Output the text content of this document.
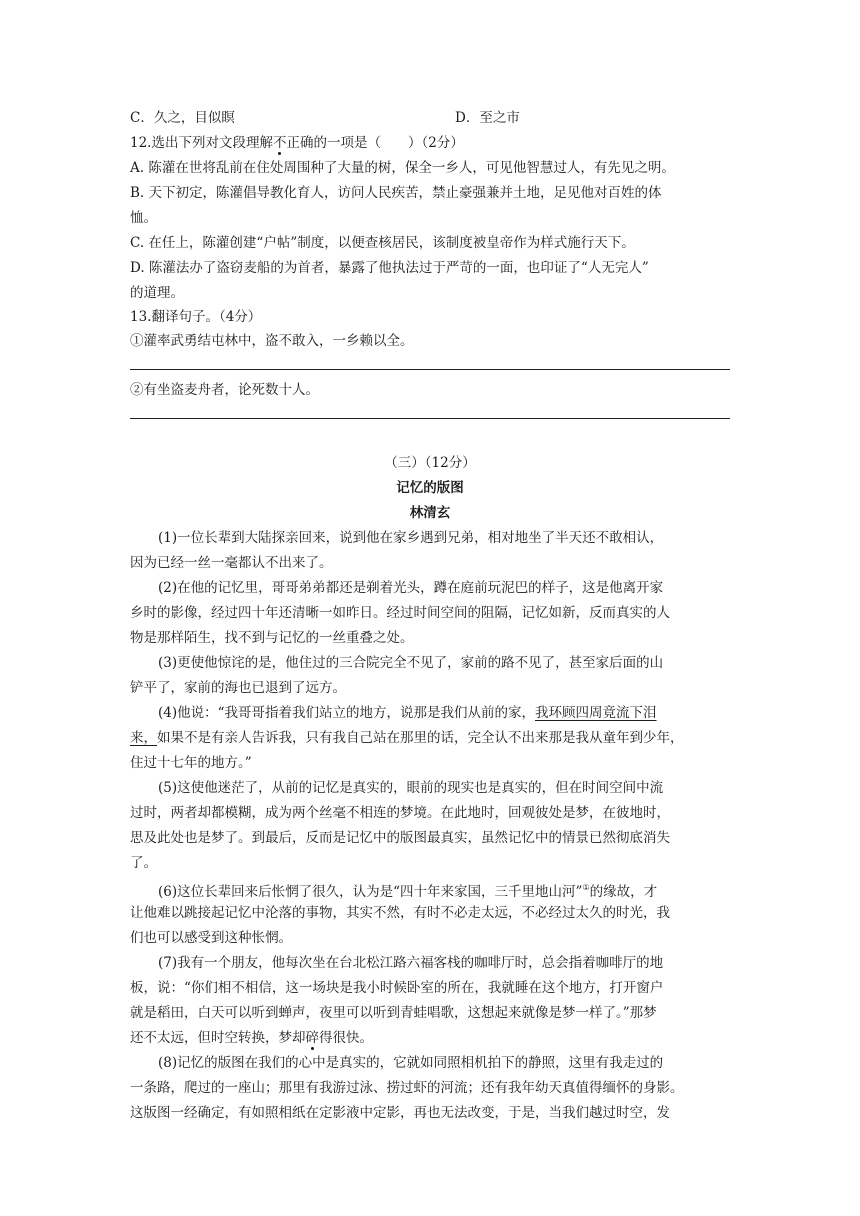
C．久之，目似瞑	D．至之市
12.选出下列对文段理解不正确的一项是（　　）（2分）
A. 陈灌在世将乱前在住处周围种了大量的树，保全一乡人，可见他智慧过人，有先见之明。
B. 天下初定，陈灌倡导教化育人，访问人民疾苦，禁止豪强兼并土地，足见他对百姓的体
恤。
C. 在任上，陈灌创建“户帖”制度，以便查核居民，该制度被皇帝作为样式施行天下。
D. 陈灌法办了盗窃麦船的为首者，暴露了他执法过于严苛的一面，也印证了“人无完人”
的道理。
13.翻译句子。（4分）
①灌率武勇结屯林中，盗不敢入，一乡赖以全。
②有坐盗麦舟者，论死数十人。
（三）（12分）
记忆的版图
林清玄
(1)一位长辈到大陆探亲回来，说到他在家乡遇到兄弟，相对地坐了半天还不敢相认，
因为已经一丝一毫都认不出来了。
(2)在他的记忆里，哥哥弟弟都还是剃着光头，蹲在庭前玩泥巴的样子，这是他离开家
乡时的影像，经过四十年还清晰一如昨日。经过时间空间的阻隔，记忆如新，反而真实的人
物是那样陌生，找不到与记忆的一丝重叠之处。
(3)更使他惊诧的是，他住过的三合院完全不见了，家前的路不见了，甚至家后面的山
铲平了，家前的海也已退到了远方。
(4)他说：“我哥哥指着我们站立的地方，说那是我们从前的家，我环顾四周竟流下泪
来，如果不是有亲人告诉我，只有我自己站在那里的话，完全认不出来那是我从童年到少年，
住过十七年的地方。”
(5)这使他迷茫了，从前的记忆是真实的，眼前的现实也是真实的，但在时间空间中流
过时，两者却都模糊，成为两个丝毫不相连的梦境。在此地时，回观彼处是梦，在彼地时，
思及此处也是梦了。到最后，反而是记忆中的版图最真实，虽然记忆中的情景已然彻底消失
了。
(6)这位长辈回来后怅惘了很久，认为是“四十年来家国，三千里地山河”①的缘故，才
让他难以跳接起记忆中沦落的事物，其实不然，有时不必走太远，不必经过太久的时光，我
们也可以感受到这种怅惘。
(7)我有一个朋友，他每次坐在台北松江路六福客栈的咖啡厅时，总会指着咖啡厅的地
板，说：“你们相不相信，这一场块是我小时候卧室的所在，我就睡在这个地方，打开窗户
就是稻田，白天可以听到蝉声，夜里可以听到青蛙唱歌，这想起来就像是梦一样了。”那梦
还不太远，但时空转换，梦却碎得很快。
(8)记忆的版图在我们的心中是真实的，它就如同照相机拍下的静照，这里有我走过的
一条路，爬过的一座山；那里有我游过泳、捞过虾的河流；还有我年幼天真值得缅怀的身影。
这版图一经确定，有如照相纸在定影液中定影，再也无法改变，于是，当我们越过时空，发
